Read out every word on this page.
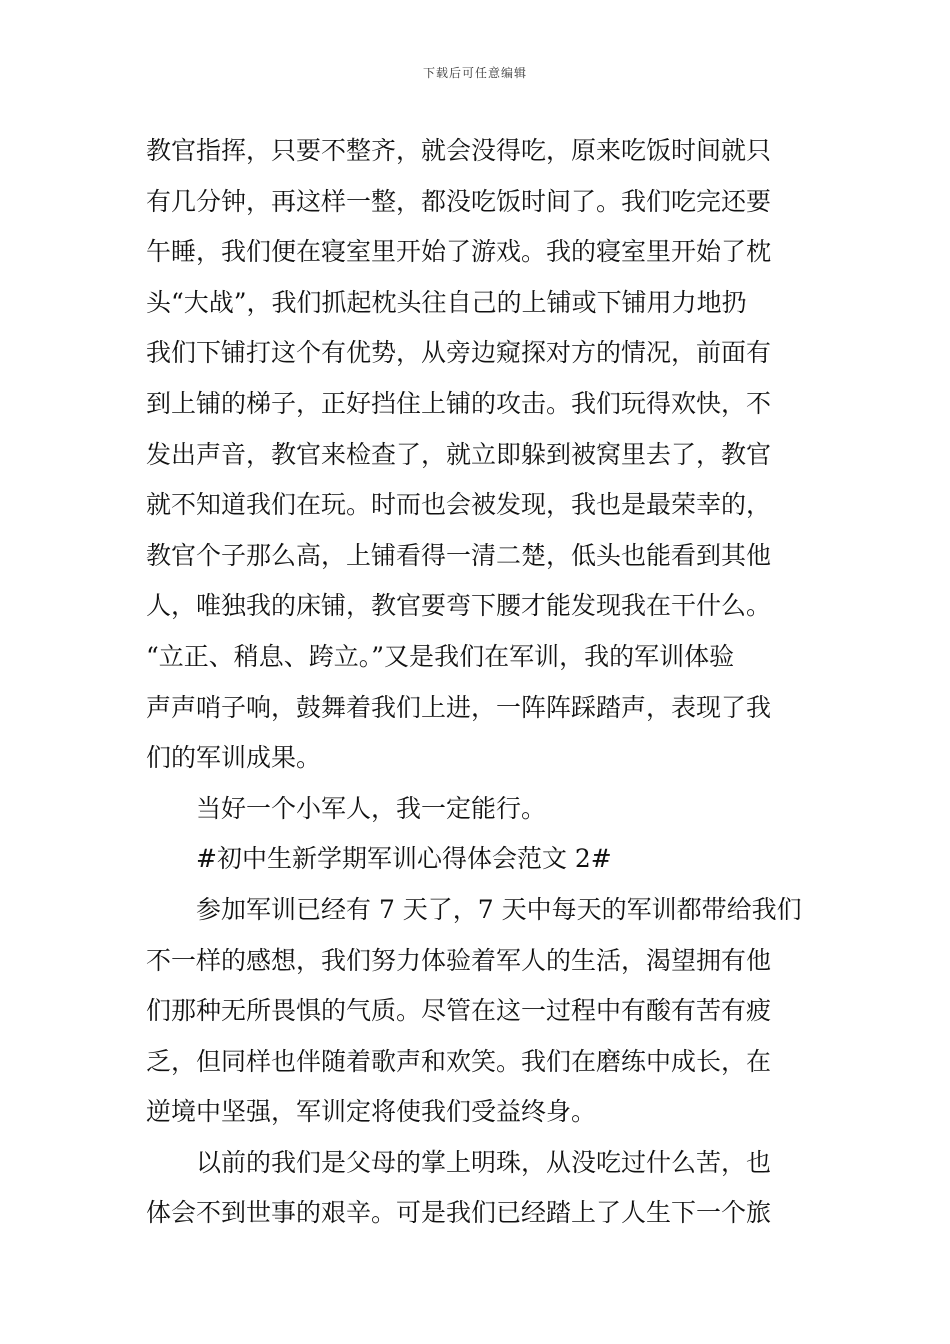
下载后可任意编辑
教官指挥，只要不整齐，就会没得吃，原来吃饭时间就只
有几分钟，再这样一整，都没吃饭时间了。我们吃完还要
午睡，我们便在寝室里开始了游戏。我的寝室里开始了枕
头“大战”，我们抓起枕头往自己的上铺或下铺用力地扔
我们下铺打这个有优势，从旁边窥探对方的情况，前面有
到上铺的梯子，正好挡住上铺的攻击。我们玩得欢快，不
发出声音，教官来检查了，就立即躲到被窝里去了，教官
就不知道我们在玩。时而也会被发现，我也是最荣幸的，
教官个子那么高，上铺看得一清二楚，低头也能看到其他
人，唯独我的床铺，教官要弯下腰才能发现我在干什么。
“立正、稍息、跨立。”又是我们在军训，我的军训体验
声声哨子响，鼓舞着我们上进，一阵阵踩踏声，表现了我
们的军训成果。
当好一个小军人，我一定能行。
#初中生新学期军训心得体会范文 2#
参加军训已经有 7 天了，7 天中每天的军训都带给我们
不一样的感想，我们努力体验着军人的生活，渴望拥有他
们那种无所畏惧的气质。尽管在这一过程中有酸有苦有疲
乏，但同样也伴随着歌声和欢笑。我们在磨练中成长，在
逆境中坚强，军训定将使我们受益终身。
以前的我们是父母的掌上明珠，从没吃过什么苦，也
体会不到世事的艰辛。可是我们已经踏上了人生下一个旅
